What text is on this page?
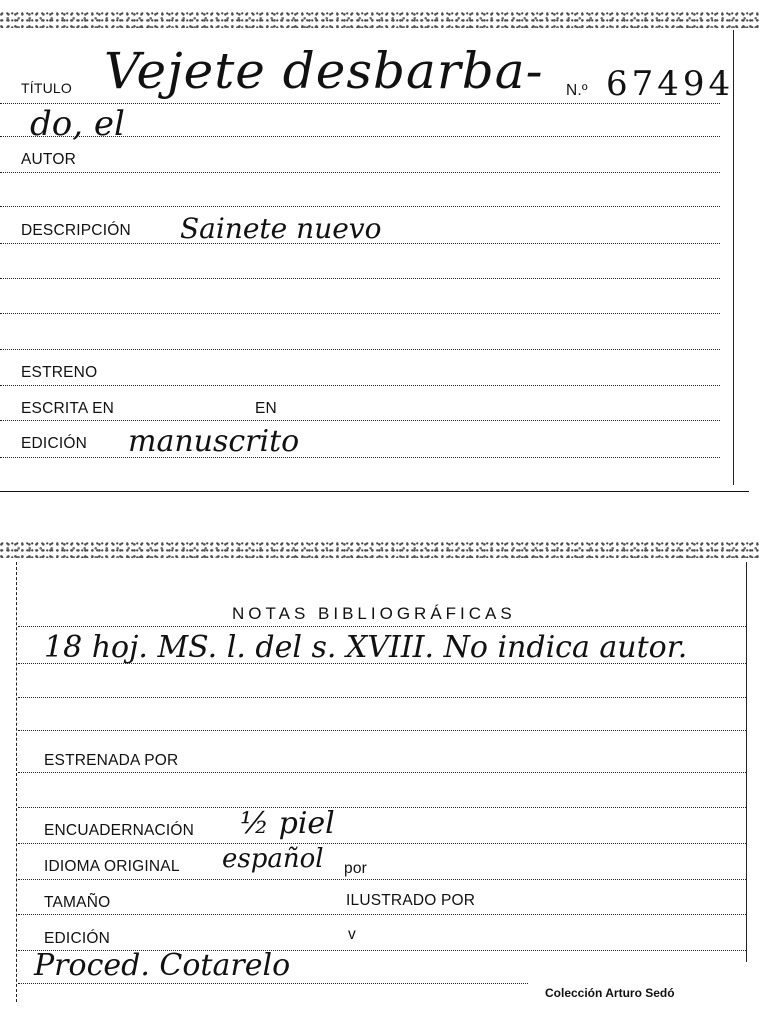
TÍTULO Vejete desbarba- N.º 67494
do, el
AUTOR
DESCRIPCIÓN Sainete nuevo
ESTRENO
ESCRITA EN	EN
EDICIÓN manuscrito
NOTAS BIBLIOGRÁFICAS
18 hoj. MS. l. del s. XVIII. No indica autor.
ESTRENADA POR
ENCUADERNACIÓN ½ piel
IDIOMA ORIGINAL español por
TAMAÑO	ILUSTRADO POR
EDICIÓN	v
Proced. Cotarelo
Colección Arturo Sedó
